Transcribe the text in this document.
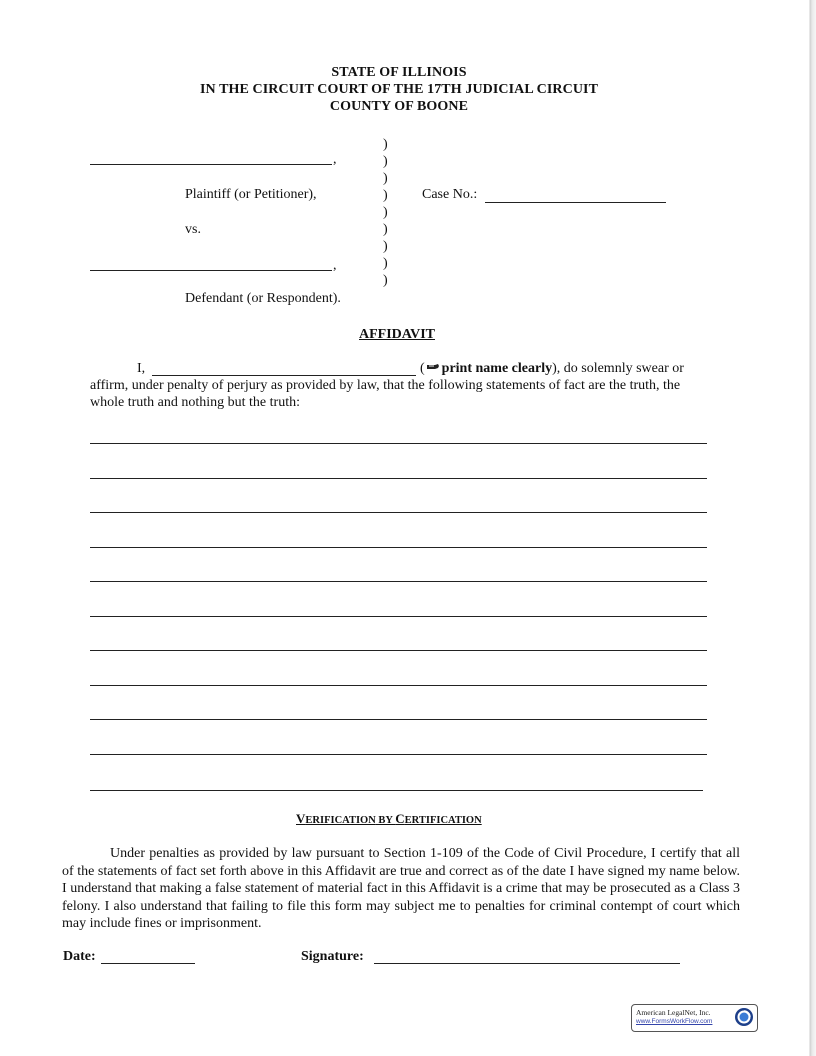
STATE OF ILLINOIS
IN THE CIRCUIT COURT OF THE 17TH JUDICIAL CIRCUIT
COUNTY OF BOONE
)
)
)
)
)
)
)
)
)
,
Plaintiff (or Petitioner),	Case No.:
vs.
,
Defendant (or Respondent).
AFFIDAVIT
I,	( print name clearly), do solemnly swear or
affirm, under penalty of perjury as provided by law, that the following statements of fact are the truth, the
whole truth and nothing but the truth:
VERIFICATION BY CERTIFICATION
Under penalties as provided by law pursuant to Section 1-109 of the Code of Civil Procedure, I certify that all of the statements of fact set forth above in this Affidavit are true and correct as of the date I have signed my name below. I understand that making a false statement of material fact in this Affidavit is a crime that may be prosecuted as a Class 3 felony. I also understand that failing to file this form may subject me to penalties for criminal contempt of court which may include fines or imprisonment.
Date:	Signature:
American LegalNet, Inc.
www.FormsWorkFlow.com
